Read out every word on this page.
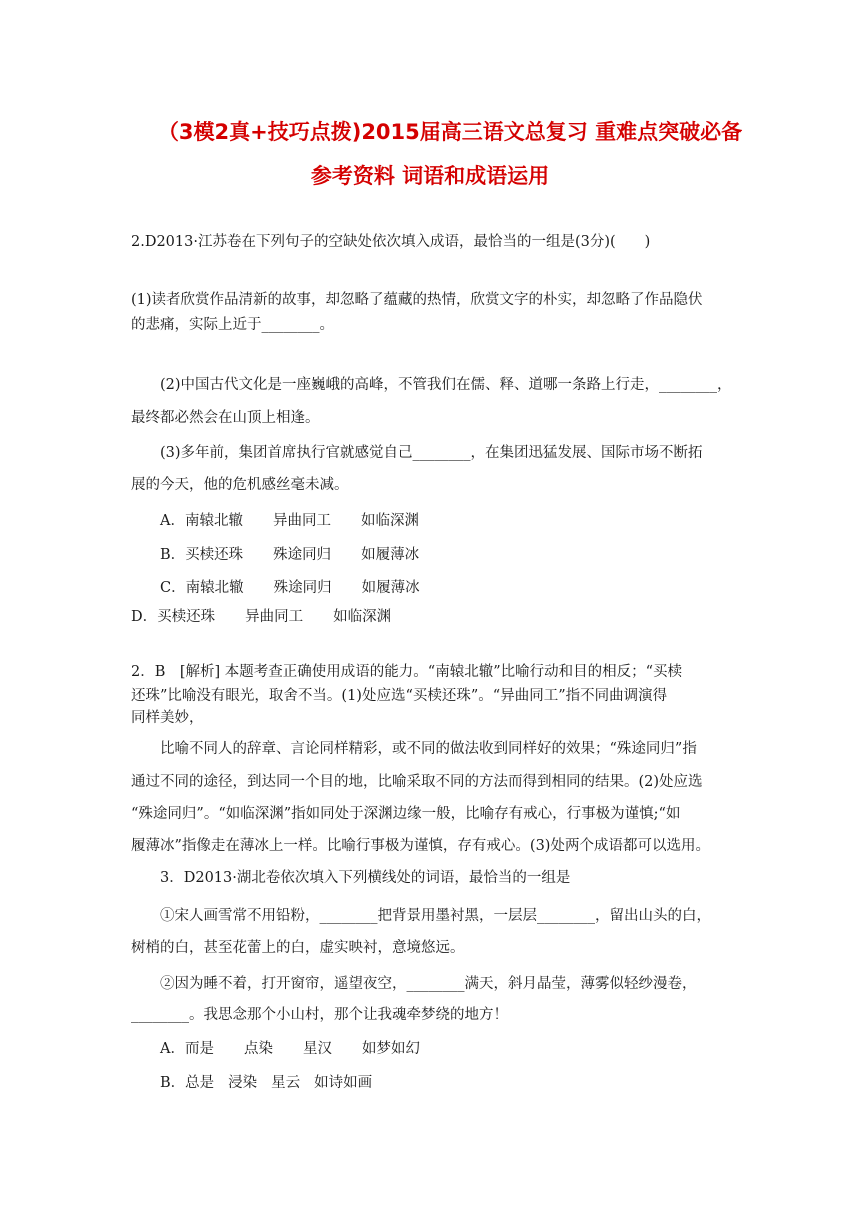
（3模2真+技巧点拨)2015届高三语文总复习 重难点突破必备
参考资料 词语和成语运用
2.D2013·江苏卷在下列句子的空缺处依次填入成语，最恰当的一组是(3分)(　　)
(1)读者欣赏作品清新的故事，却忽略了蕴藏的热情，欣赏文字的朴实，却忽略了作品隐伏
的悲痛，实际上近于________。
(2)中国古代文化是一座巍峨的高峰，不管我们在儒、释、道哪一条路上行走，________，
最终都必然会在山顶上相逢。
(3)多年前，集团首席执行官就感觉自己________，在集团迅猛发展、国际市场不断拓
展的今天，他的危机感丝毫未减。
A．南辕北辙 异曲同工 如临深渊
B．买椟还珠 殊途同归 如履薄冰
C．南辕北辙 殊途同归 如履薄冰
D．买椟还珠 异曲同工 如临深渊
2．B　[解析] 本题考查正确使用成语的能力。“南辕北辙”比喻行动和目的相反；“买椟
还珠”比喻没有眼光，取舍不当。(1)处应选“买椟还珠”。“异曲同工”指不同曲调演得
同样美妙，
比喻不同人的辞章、言论同样精彩，或不同的做法收到同样好的效果；“殊途同归”指
通过不同的途径，到达同一个目的地，比喻采取不同的方法而得到相同的结果。(2)处应选
“殊途同归”。“如临深渊”指如同处于深渊边缘一般，比喻存有戒心，行事极为谨慎;“如
履薄冰”指像走在薄冰上一样。比喻行事极为谨慎，存有戒心。(3)处两个成语都可以选用。
3．D2013·湖北卷依次填入下列横线处的词语，最恰当的一组是
①宋人画雪常不用铅粉，________把背景用墨衬黑，一层层________，留出山头的白，
树梢的白，甚至花蕾上的白，虚实映衬，意境悠远。
②因为睡不着，打开窗帘，遥望夜空，________满天，斜月晶莹，薄雾似轻纱漫卷，
________。我思念那个小山村，那个让我魂牵梦绕的地方！
A．而是 点染 星汉 如梦如幻
B．总是 浸染 星云 如诗如画
